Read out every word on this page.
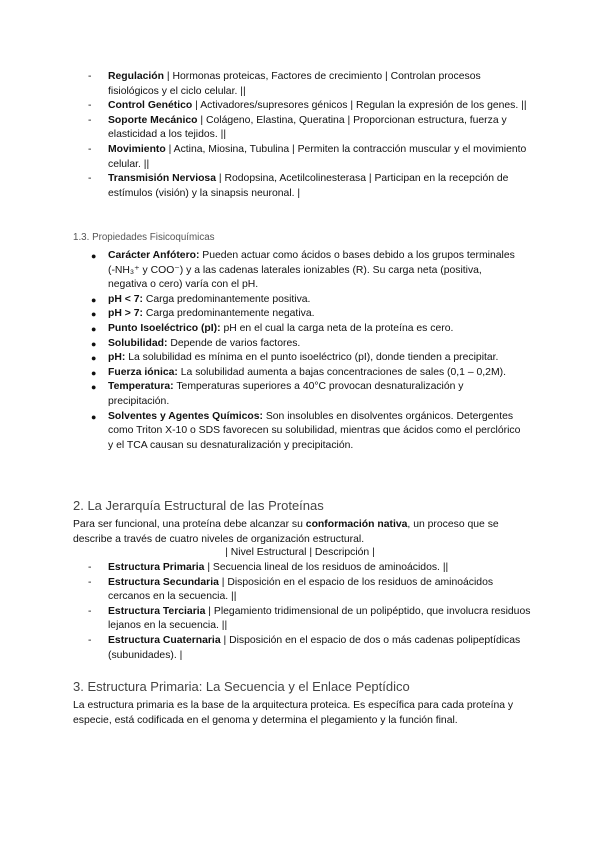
- Regulación | Hormonas proteicas, Factores de crecimiento | Controlan procesos fisiológicos y el ciclo celular. ||
- Control Genético | Activadores/supresores génicos | Regulan la expresión de los genes. ||
- Soporte Mecánico | Colágeno, Elastina, Queratina | Proporcionan estructura, fuerza y elasticidad a los tejidos. ||
- Movimiento | Actina, Miosina, Tubulina | Permiten la contracción muscular y el movimiento celular. ||
- Transmisión Nerviosa | Rodopsina, Acetilcolinesterasa | Participan en la recepción de estímulos (visión) y la sinapsis neuronal. |
1.3. Propiedades Fisicoquímicas
● Carácter Anfótero: Pueden actuar como ácidos o bases debido a los grupos terminales (-NH₃⁺ y COO⁻) y a las cadenas laterales ionizables (R). Su carga neta (positiva, negativa o cero) varía con el pH.
● pH < 7: Carga predominantemente positiva.
● pH > 7: Carga predominantemente negativa.
● Punto Isoeléctrico (pI): pH en el cual la carga neta de la proteína es cero.
● Solubilidad: Depende de varios factores.
● pH: La solubilidad es mínima en el punto isoeléctrico (pI), donde tienden a precipitar.
● Fuerza iónica: La solubilidad aumenta a bajas concentraciones de sales (0,1 – 0,2M).
● Temperatura: Temperaturas superiores a 40°C provocan desnaturalización y precipitación.
● Solventes y Agentes Químicos: Son insolubles en disolventes orgánicos. Detergentes como Triton X-10 o SDS favorecen su solubilidad, mientras que ácidos como el perclórico y el TCA causan su desnaturalización y precipitación.
2. La Jerarquía Estructural de las Proteínas
Para ser funcional, una proteína debe alcanzar su conformación nativa, un proceso que se describe a través de cuatro niveles de organización estructural.
| Nivel Estructural | Descripción |
- Estructura Primaria | Secuencia lineal de los residuos de aminoácidos. ||
- Estructura Secundaria | Disposición en el espacio de los residuos de aminoácidos cercanos en la secuencia. ||
- Estructura Terciaria | Plegamiento tridimensional de un polipéptido, que involucra residuos lejanos en la secuencia. ||
- Estructura Cuaternaria | Disposición en el espacio de dos o más cadenas polipeptídicas (subunidades). |
3. Estructura Primaria: La Secuencia y el Enlace Peptídico
La estructura primaria es la base de la arquitectura proteica. Es específica para cada proteína y especie, está codificada en el genoma y determina el plegamiento y la función final.
